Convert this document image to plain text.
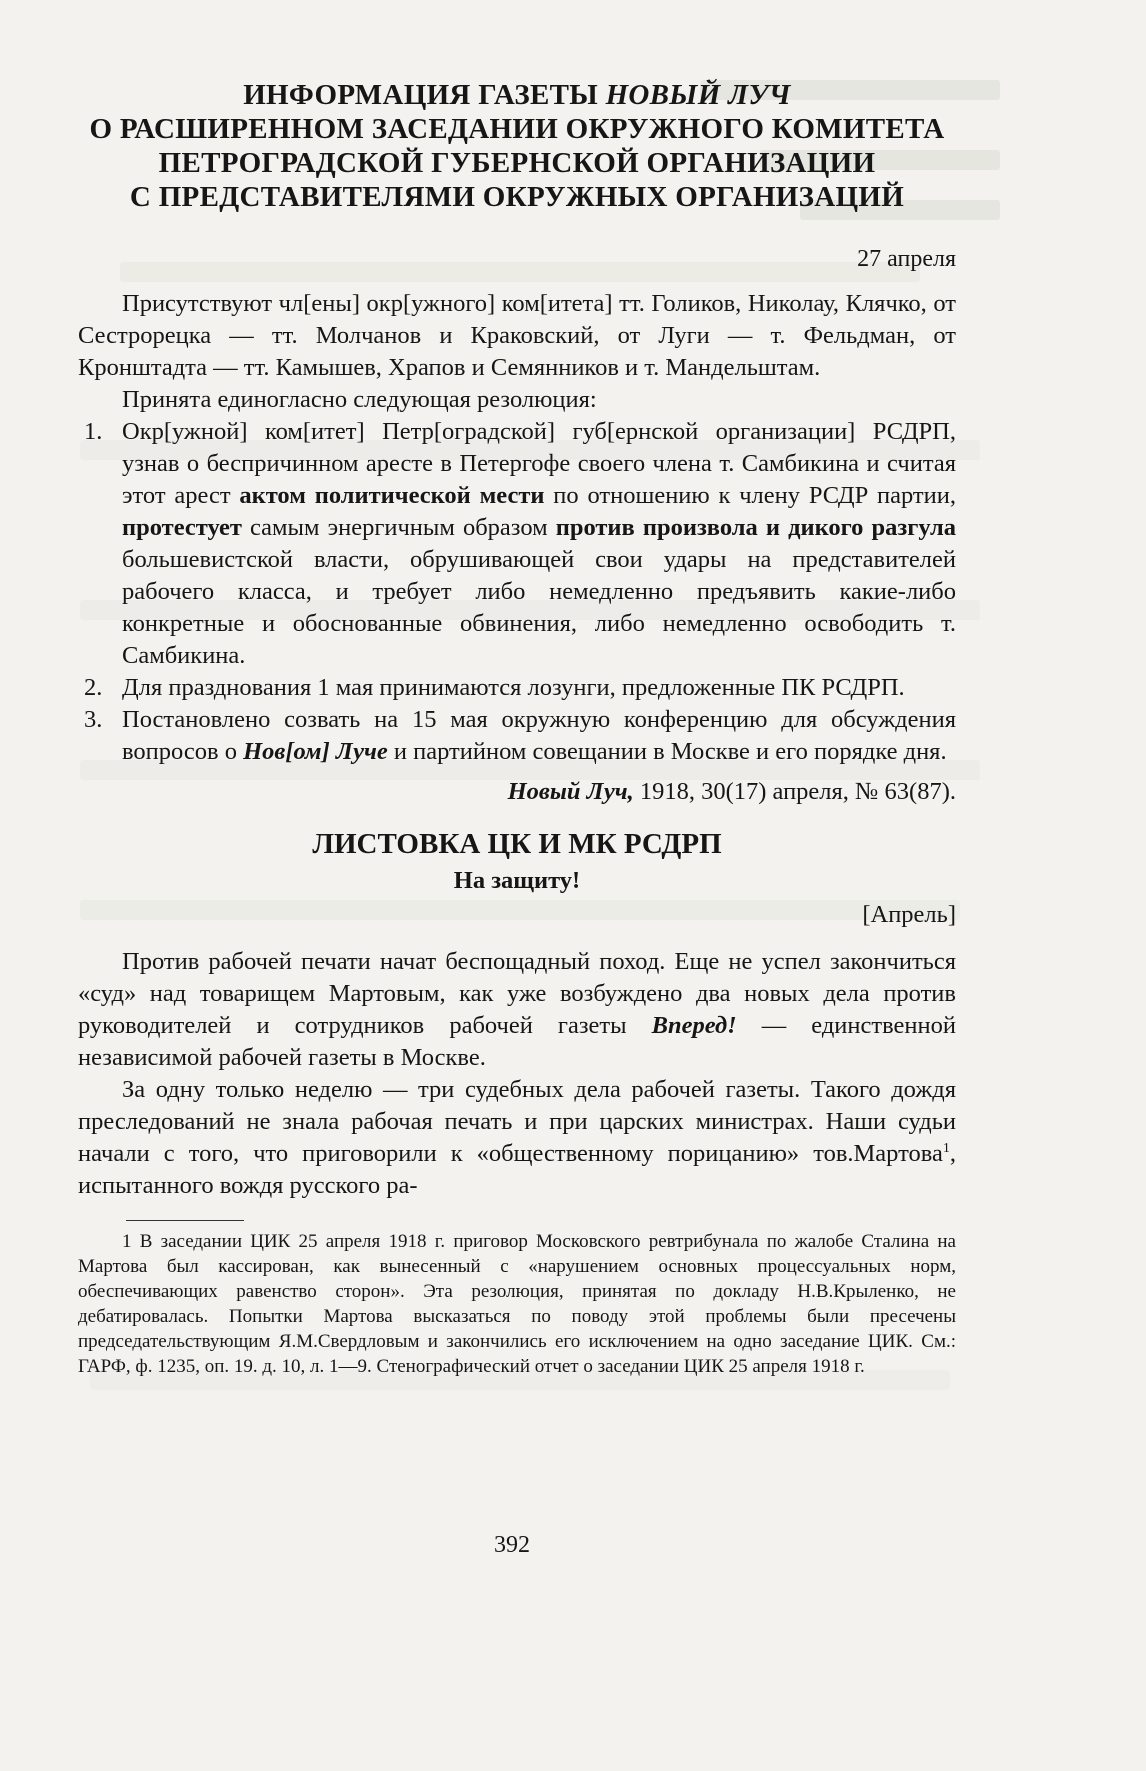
ИНФОРМАЦИЯ ГАЗЕТЫ НОВЫЙ ЛУЧ
О РАСШИРЕННОМ ЗАСЕДАНИИ ОКРУЖНОГО КОМИТЕТА
ПЕТРОГРАДСКОЙ ГУБЕРНСКОЙ ОРГАНИЗАЦИИ
С ПРЕДСТАВИТЕЛЯМИ ОКРУЖНЫХ ОРГАНИЗАЦИЙ
27 апреля

Присутствуют чл[ены] окр[ужного] ком[итета] тт. Голиков, Николау, Клячко, от Сестрорецка — тт. Молчанов и Краковский, от Луги — т. Фельдман, от Кронштадта — тт. Камышев, Храпов и Семянников и т. Мандельштам.

Принята единогласно следующая резолюция:

1. Окр[ужной] ком[итет] Петр[оградской] губ[ернской организации] РСДРП, узнав о беспричинном аресте в Петергофе своего члена т. Самбикина и считая этот арест актом политической мести по отношению к члену РСДР партии, протестует самым энергичным образом против произвола и дикого разгула большевистской власти, обрушивающей свои удары на представителей рабочего класса, и требует либо немедленно предъявить какие-либо конкретные и обоснованные обвинения, либо немедленно освободить т. Самбикина.
2. Для празднования 1 мая принимаются лозунги, предложенные ПК РСДРП.
3. Постановлено созвать на 15 мая окружную конференцию для обсуждения вопросов о Нов[ом] Луче и партийном совещании в Москве и его порядке дня.
Новый Луч, 1918, 30(17) апреля, № 63(87).
ЛИСТОВКА ЦК И МК РСДРП
На защиту!
[Апрель]

Против рабочей печати начат беспощадный поход. Еще не успел закончиться «суд» над товарищем Мартовым, как уже возбуждено два новых дела против руководителей и сотрудников рабочей газеты Вперед! — единственной независимой рабочей газеты в Москве.

За одну только неделю — три судебных дела рабочей газеты. Такого дождя преследований не знала рабочая печать и при царских министрах. Наши судьи начали с того, что приговорили к «общественному порицанию» тов.Мартова$^1$, испытанного вождя русского ра-

1 В заседании ЦИК 25 апреля 1918 г. приговор Московского ревтрибунала по жалобе Сталина на Мартова был кассирован, как вынесенный с «нарушением основных процессуальных норм, обеспечивающих равенство сторон». Эта резолюция, принятая по докладу Н.В.Крыленко, не дебатировалась. Попытки Мартова высказаться по поводу этой проблемы были пресечены председательствующим Я.М.Свердловым и закончились его исключением на одно заседание ЦИК. См.: ГАРФ, ф. 1235, оп. 19. д. 10, л. 1—9. Стенографический отчет о заседании ЦИК 25 апреля 1918 г.

392
